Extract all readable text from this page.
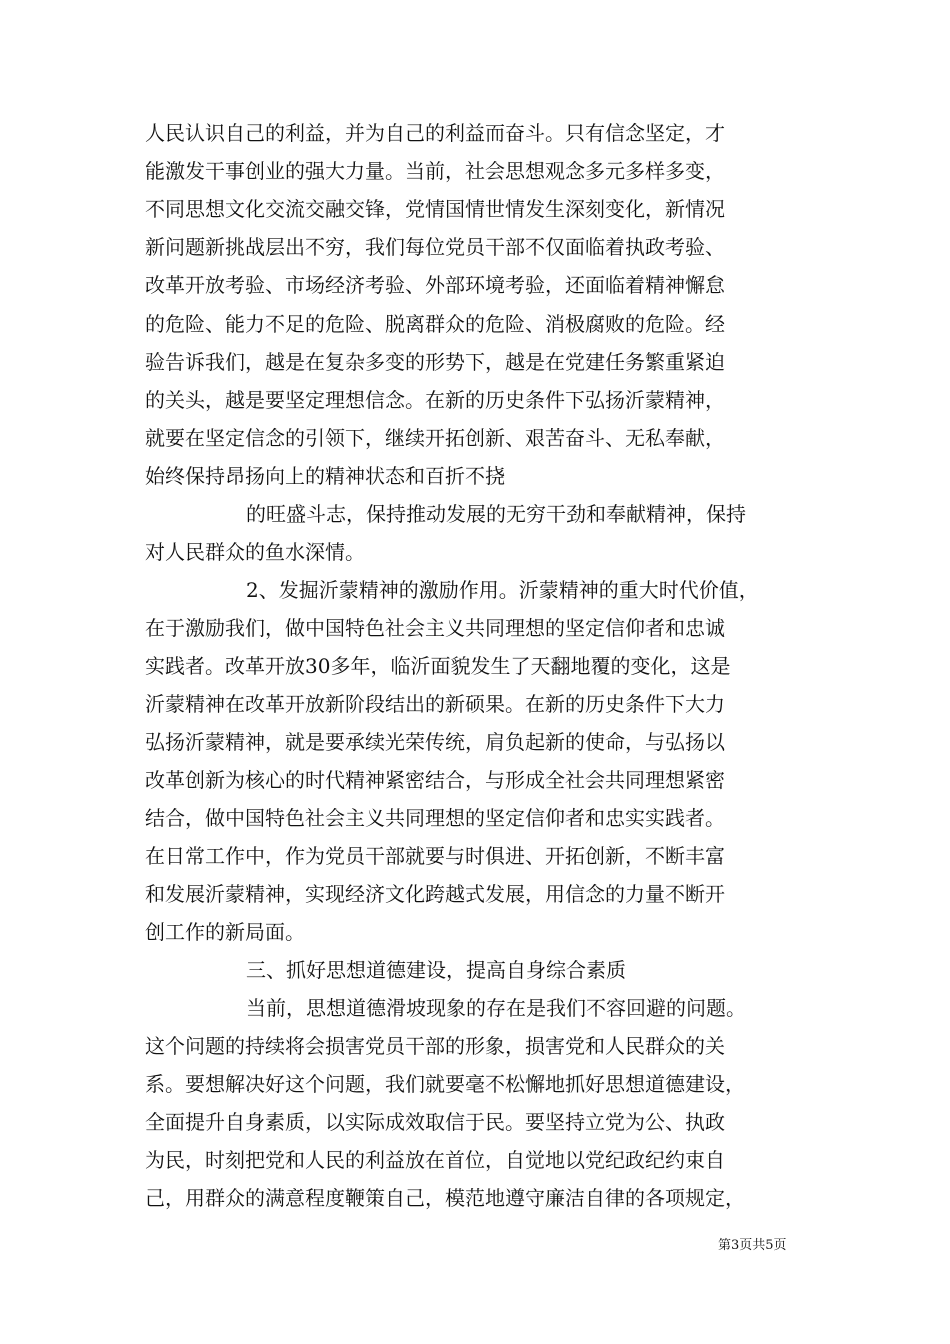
人民认识自己的利益，并为自己的利益而奋斗。只有信念坚定，才
能激发干事创业的强大力量。当前，社会思想观念多元多样多变，
不同思想文化交流交融交锋，党情国情世情发生深刻变化，新情况
新问题新挑战层出不穷，我们每位党员干部不仅面临着执政考验、
改革开放考验、市场经济考验、外部环境考验，还面临着精神懈怠
的危险、能力不足的危险、脱离群众的危险、消极腐败的危险。经
验告诉我们，越是在复杂多变的形势下，越是在党建任务繁重紧迫
的关头，越是要坚定理想信念。在新的历史条件下弘扬沂蒙精神，
就要在坚定信念的引领下，继续开拓创新、艰苦奋斗、无私奉献，
始终保持昂扬向上的精神状态和百折不挠
的旺盛斗志，保持推动发展的无穷干劲和奉献精神，保持
对人民群众的鱼水深情。
2、发掘沂蒙精神的激励作用。沂蒙精神的重大时代价值，
在于激励我们，做中国特色社会主义共同理想的坚定信仰者和忠诚
实践者。改革开放30多年，临沂面貌发生了天翻地覆的变化，这是
沂蒙精神在改革开放新阶段结出的新硕果。在新的历史条件下大力
弘扬沂蒙精神，就是要承续光荣传统，肩负起新的使命，与弘扬以
改革创新为核心的时代精神紧密结合，与形成全社会共同理想紧密
结合，做中国特色社会主义共同理想的坚定信仰者和忠实实践者。
在日常工作中，作为党员干部就要与时俱进、开拓创新，不断丰富
和发展沂蒙精神，实现经济文化跨越式发展，用信念的力量不断开
创工作的新局面。
三、抓好思想道德建设，提高自身综合素质
当前，思想道德滑坡现象的存在是我们不容回避的问题。
这个问题的持续将会损害党员干部的形象，损害党和人民群众的关
系。要想解决好这个问题，我们就要毫不松懈地抓好思想道德建设，
全面提升自身素质，以实际成效取信于民。要坚持立党为公、执政
为民，时刻把党和人民的利益放在首位，自觉地以党纪政纪约束自
己，用群众的满意程度鞭策自己，模范地遵守廉洁自律的各项规定，
第3页共5页
